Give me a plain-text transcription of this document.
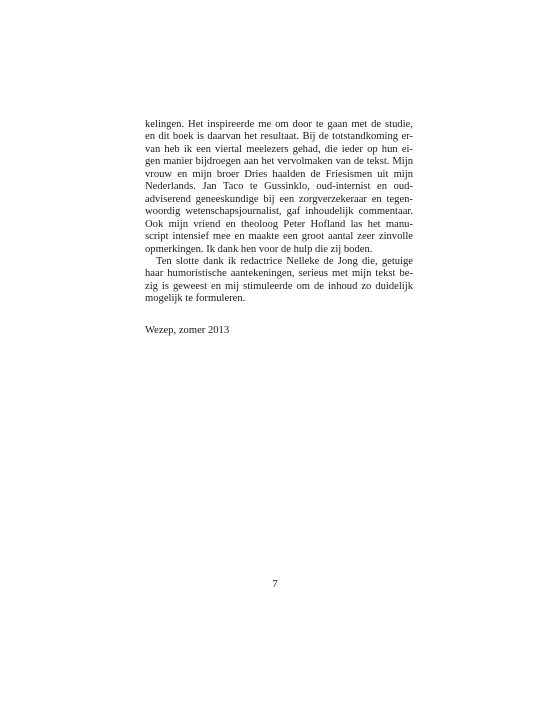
kelingen. Het inspireerde me om door te gaan met de studie,
en dit boek is daarvan het resultaat. Bij de totstandkoming er-
van heb ik een viertal meelezers gehad, die ieder op hun ei-
gen manier bijdroegen aan het vervolmaken van de tekst. Mijn
vrouw en mijn broer Dries haalden de Friesismen uit mijn
Nederlands. Jan Taco te Gussinklo, oud-internist en oud-
adviserend geneeskundige bij een zorgverzekeraar en tegen-
woordig wetenschapsjournalist, gaf inhoudelijk commentaar.
Ook mijn vriend en theoloog Peter Hofland las het manu-
script intensief mee en maakte een groot aantal zeer zinvolle
opmerkingen. Ik dank hen voor de hulp die zij boden.

Ten slotte dank ik redactrice Nelleke de Jong die, getuige
haar humoristische aantekeningen, serieus met mijn tekst be-
zig is geweest en mij stimuleerde om de inhoud zo duidelijk
mogelijk te formuleren.

Wezep, zomer 2013
7
